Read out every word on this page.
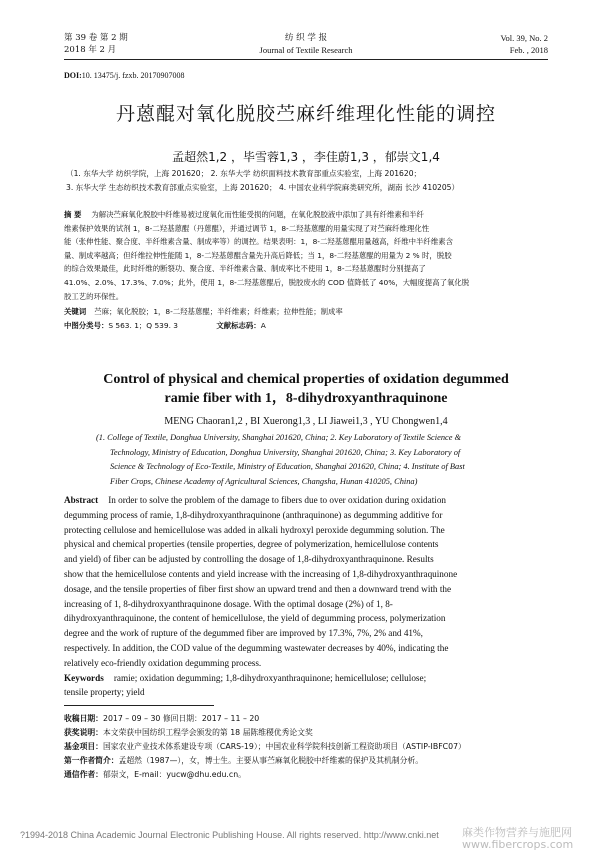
第 39 卷 第 2 期
2018 年 2 月
纺 织 学 报
Journal of Textile Research
Vol. 39, No. 2
Feb. , 2018
DOI:10. 13475/j. fzxb. 20170907008
丹蒽醌对氧化脱胶苎麻纤维理化性能的调控
孟超然1,2 ，毕雪蓉1,3 ，李佳蔚1,3 ，郁崇文1,4
（1. 东华大学 纺织学院，上海 201620； 2. 东华大学 纺织面料技术教育部重点实验室，上海 201620；
3. 东华大学 生态纺织技术教育部重点实验室，上海 201620； 4. 中国农业科学院麻类研究所，湖南 长沙 410205）
摘 要 为解决苎麻氧化脱胶中纤维易被过度氧化而性能受损的问题，在氧化脱胶液中添加了具有纤维素和半纤
维素保护效果的试剂 1，8-二羟基蒽醌（丹蒽醌），并通过调节 1，8-二羟基蒽醌的用量实现了对苎麻纤维理化性
能（张伸性能、聚合度、半纤维素含量、制成率等）的调控。结果表明：1，8-二羟基蒽醌用量越高，纤维中半纤维素含
量、制成率越高；但纤维拉伸性能随 1，8-二羟基蒽醌含量先升高后降低；当 1，8-二羟基蒽醌的用量为 2 % 时，脱胶
的综合效果最佳，此时纤维的断裂功、聚合度、半纤维素含量、制成率比不使用 1，8-二羟基蒽醌时分别提高了
41.0%、2.0%、17.3%、7.0%；此外，使用 1，8-二羟基蒽醌后，脱胶废水的 COD 值降低了 40%，大幅度提高了氧化脱
胶工艺的环保性。
关键词 苎麻；氧化脱胶；1，8-二羟基蒽醌；半纤维素；纤维素；拉伸性能；制成率
中图分类号：S 563. 1；Q 539. 3	文献标志码：A
Control of physical and chemical properties of oxidation degummed
ramie fiber with 1，8-dihydroxyanthraquinone
MENG Chaoran1,2 , BI Xuerong1,3 , LI Jiawei1,3 , YU Chongwen1,4
(1. College of Textile, Donghua University, Shanghai 201620, China; 2. Key Laboratory of Textile Science &
Technology, Ministry of Education, Donghua University, Shanghai 201620, China; 3. Key Laboratory of
Science & Technology of Eco-Textile, Ministry of Education, Shanghai 201620, China; 4. Institute of Bast
Fiber Crops, Chinese Academy of Agricultural Sciences, Changsha, Hunan 410205, China)
Abstract In order to solve the problem of the damage to fibers due to over oxidation during oxidation
degumming process of ramie, 1,8-dihydroxyanthraquinone (anthraquinone) as degumming additive for
protecting cellulose and hemicellulose was added in alkali hydroxyl peroxide degumming solution. The
physical and chemical properties (tensile properties, degree of polymerization, hemicellulose contents
and yield) of fiber can be adjusted by controlling the dosage of 1,8-dihydroxyanthraquinone. Results
show that the hemicellulose contents and yield increase with the increasing of 1,8-dihydroxyanthraquinone
dosage, and the tensile properties of fiber first show an upward trend and then a downward trend with the
increasing of 1, 8-dihydroxyanthraquinone dosage. With the optimal dosage (2%) of 1, 8-
dihydroxyanthraquinone, the content of hemicellulose, the yield of degumming process, polymerization
degree and the work of rupture of the degummed fiber are improved by 17.3%, 7%, 2% and 41%,
respectively. In addition, the COD value of the degumming wastewater decreases by 40%, indicating the
relatively eco-friendly oxidation degumming process.
Keywords ramie; oxidation degumming; 1,8-dihydroxyanthraquinone; hemicellulose; cellulose;
tensile property; yield
收稿日期：2017 – 09 – 30 修回日期：2017 – 11 – 20
获奖说明：本文荣获中国纺织工程学会颁发的第 18 届陈维稷优秀论文奖
基金项目：国家农业产业技术体系建设专项（CARS-19）；中国农业科学院科技创新工程资助项目（ASTIP-IBFC07）
第一作者简介：孟超然（1987—），女，博士生。主要从事苎麻氧化脱胶中纤维素的保护及其机制分析。
通信作者：郁崇文，E-mail：yucw@dhu.edu.cn。
?1994-2018 China Academic Journal Electronic Publishing House. All rights reserved. http://www.cnki.net 麻类作物营养与施肥网 www.fibercrops.com
